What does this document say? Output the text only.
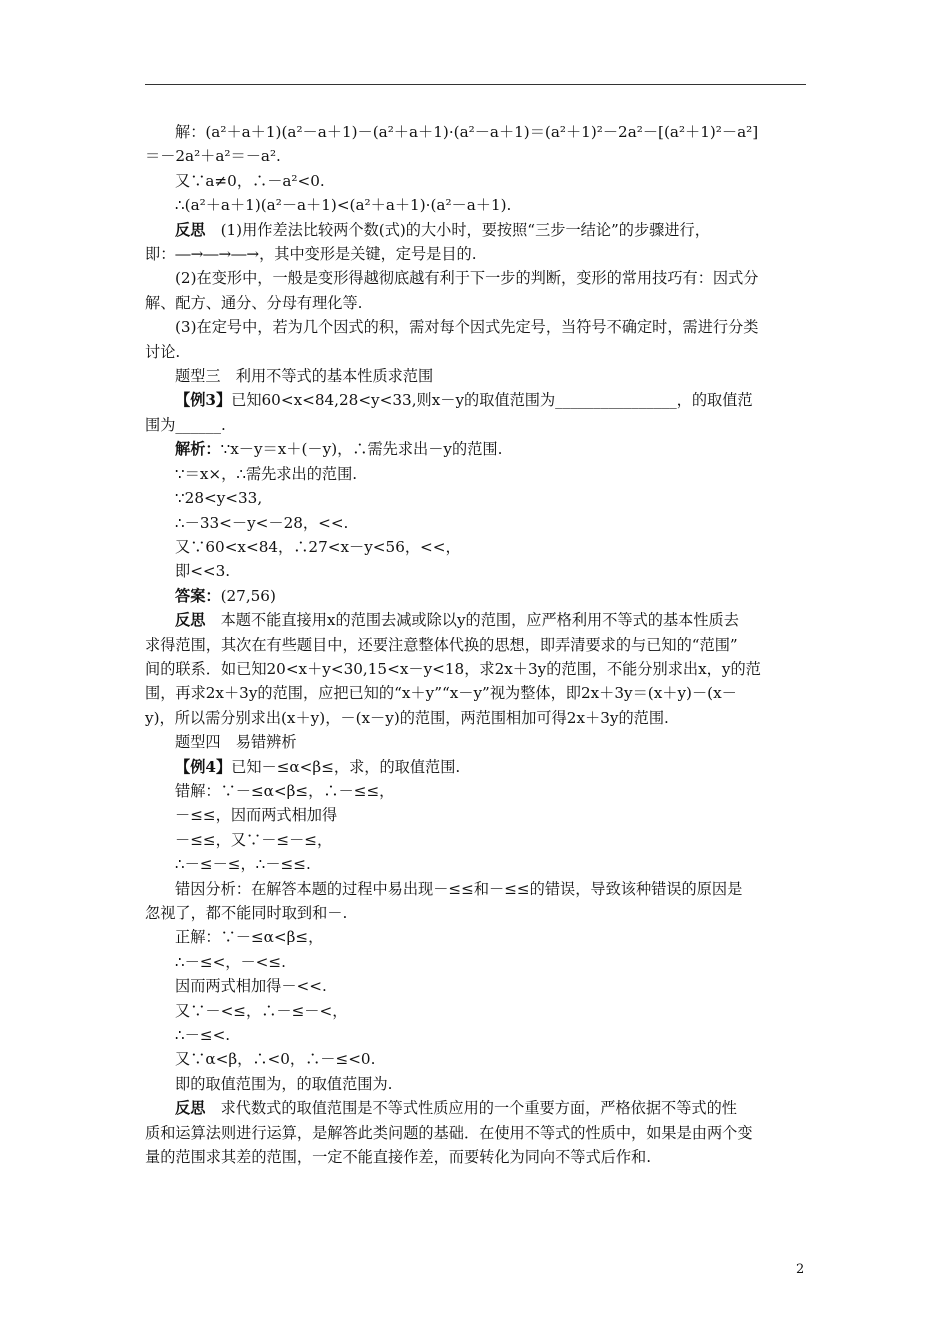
解：(a²＋a＋1)(a²－a＋1)－(a²＋a＋1)·(a²－a＋1)＝(a²＋1)²－2a²－[(a²＋1)²－a²]

＝－2a²＋a²＝－a².

又∵a≠0，∴－a²<0.

∴(a²＋a＋1)(a²－a＋1)<(a²＋a＋1)·(a²－a＋1).

反思　 (1)用作差法比较两个数(式)的大小时，要按照“三步一结论”的步骤进行，

即：―→―→―→，其中变形是关键，定号是目的.

(2)在变形中，一般是变形得越彻底越有利于下一步的判断，变形的常用技巧有：因式分

解、配方、通分、分母有理化等.

(3)在定号中，若为几个因式的积，需对每个因式先定号，当符号不确定时，需进行分类

讨论.

题型三　利用不等式的基本性质求范围

【例3】已知60<x<84,28<y<33,则x－y的取值范围为________________，的取值范

围为______.

解析：∵x－y＝x＋(－y)，∴需先求出－y的范围.

∵＝x×，∴需先求出的范围.

∵28<y<33,

∴－33<－y<－28，<<.

又∵60<x<84，∴27<x－y<56，<<，

即<<3.

答案：(27,56)

反思　 本题不能直接用x的范围去减或除以y的范围，应严格利用不等式的基本性质去

求得范围，其次在有些题目中，还要注意整体代换的思想，即弄清要求的与已知的“范围”

间的联系．如已知20<x＋y<30,15<x－y<18，求2x＋3y的范围，不能分别求出x，y的范

围，再求2x＋3y的范围，应把已知的“x＋y”“x－y”视为整体，即2x＋3y＝(x＋y)－(x－

y)，所以需分别求出(x＋y)，－(x－y)的范围，两范围相加可得2x＋3y的范围.

题型四　易错辨析

【例4】已知－≤α<β≤，求，的取值范围.

错解：∵－≤α<β≤，∴－≤≤，

－≤≤，因而两式相加得

－≤≤，又∵－≤－≤，

∴－≤－≤，∴－≤≤.

错因分析：在解答本题的过程中易出现－≤≤和－≤≤的错误，导致该种错误的原因是

忽视了，都不能同时取到和－.

正解：∵－≤α<β≤，

∴－≤<，－<≤.

因而两式相加得－<<.

又∵－<≤，∴－≤－<，

∴－≤<.

又∵α<β，∴<0，∴－≤<0.

即的取值范围为，的取值范围为.

反思　 求代数式的取值范围是不等式性质应用的一个重要方面，严格依据不等式的性

质和运算法则进行运算，是解答此类问题的基础．在使用不等式的性质中，如果是由两个变

量的范围求其差的范围，一定不能直接作差，而要转化为同向不等式后作和.

2
